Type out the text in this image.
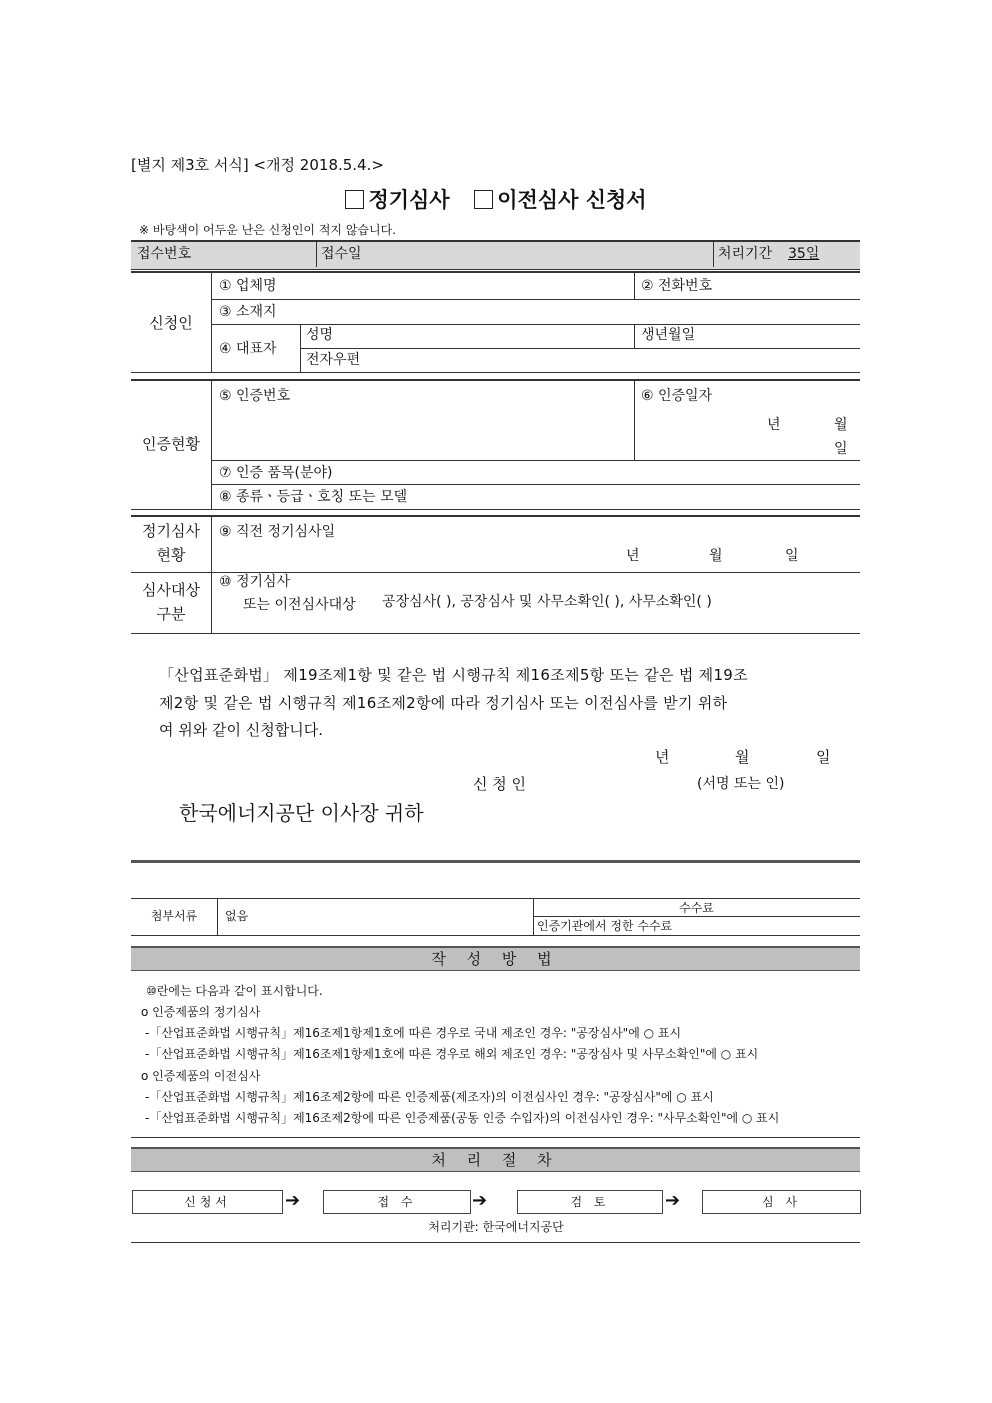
[별지 제3호 서식] <개정 2018.5.4.>
정기심사 이전심사 신청서
※ 바탕색이 어두운 난은 신청인이 적지 않습니다.
접수번호	접수일	처리기간 35일
신청인
① 업체명	② 전화번호
③ 소재지
④ 대표자
성명	생년월일
전자우편
인증현황
⑤ 인증번호	⑥ 인증일자
년	월
일
⑦ 인증 품목(분야)
⑧ 종류ㆍ등급ㆍ호칭 또는 모델
정기심사
현황
⑨ 직전 정기심사일
년	월	일
심사대상
구분
⑩ 정기심사
또는 이전심사대상 공장심사( ), 공장심사 및 사무소확인( ), 사무소확인( )
「산업표준화법」 제19조제1항 및 같은 법 시행규칙 제16조제5항 또는 같은 법 제19조
제2항 및 같은 법 시행규칙 제16조제2항에 따라 정기심사 또는 이전심사를 받기 위하
여 위와 같이 신청합니다.
년	월	일
신 청 인	(서명 또는 인)
한국에너지공단 이사장 귀하
첨부서류	없음
수수료
인증기관에서 정한 수수료
작 성 방 법
⑩란에는 다음과 같이 표시합니다.
o 인증제품의 정기심사
-「산업표준화법 시행규칙」제16조제1항제1호에 따른 경우로 국내 제조인 경우: "공장심사"에 ○ 표시
-「산업표준화법 시행규칙」제16조제1항제1호에 따른 경우로 해외 제조인 경우: "공장심사 및 사무소확인"에 ○ 표시
o 인증제품의 이전심사
-「산업표준화법 시행규칙」제16조제2항에 따른 인증제품(제조자)의 이전심사인 경우: "공장심사"에 ○ 표시
-「산업표준화법 시행규칙」제16조제2항에 따른 인증제품(공동 인증 수입자)의 이전심사인 경우: "사무소확인"에 ○ 표시
처 리 절 차
신청서	➔	접 수	➔	검 토	➔	심 사
처리기관: 한국에너지공단
